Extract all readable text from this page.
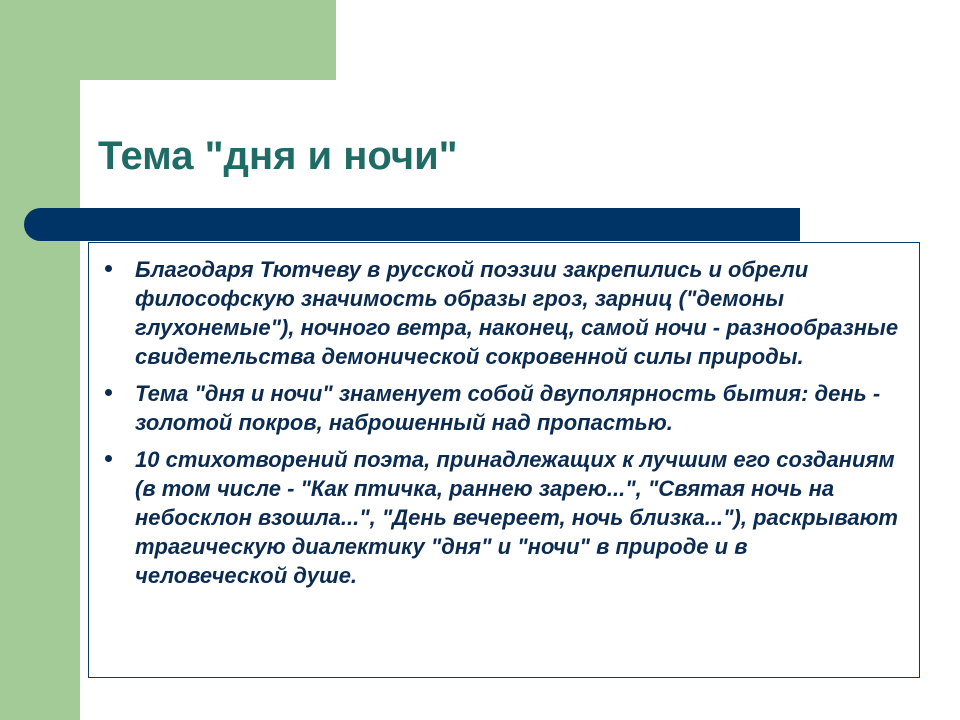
Тема "дня и ночи"
Благодаря Тютчеву в русской поэзии закрепились и обрели философскую значимость образы гроз, зарниц ("демоны глухонемые"), ночного ветра, наконец, самой ночи - разнообразные свидетельства демонической сокровенной силы природы.
Тема "дня и ночи" знаменует собой двуполярность бытия: день - золотой покров, наброшенный над пропастью.
10 стихотворений поэта, принадлежащих к лучшим его созданиям (в том числе - "Как птичка, раннею зарею...", "Святая ночь на небосклон взошла...", "День вечереет, ночь близка..."), раскрывают трагическую диалектику "дня" и "ночи" в природе и в человеческой душе.
